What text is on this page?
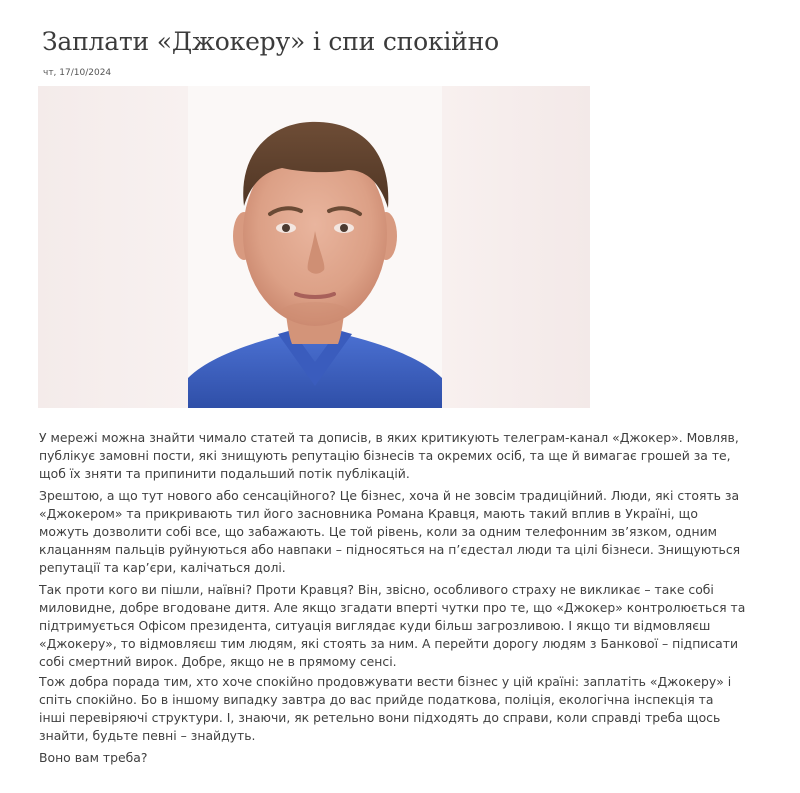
Заплати «Джокеру» і спи спокійно
чт, 17/10/2024

У мережі можна знайти чимало статей та дописів, в яких критикують телеграм-канал «Джокер». Мовляв,
публікує замовні пости, які знищують репутацію бізнесів та окремих осіб, та ще й вимагає грошей за те,
щоб їх зняти та припинити подальший потік публікацій.

Зрештою, а що тут нового або сенсаційного? Це бізнес, хоча й не зовсім традиційний. Люди, які стоять за
«Джокером» та прикривають тил його засновника Романа Кравця, мають такий вплив в Україні, що
можуть дозволити собі все, що забажають. Це той рівень, коли за одним телефонним зв’язком, одним
клацанням пальців руйнуються або навпаки – підносяться на п’єдестал люди та цілі бізнеси. Знищуються
репутації та кар’єри, калічаться долі.

Так проти кого ви пішли, наївні? Проти Кравця? Він, звісно, особливого страху не викликає – таке собі
миловидне, добре вгодоване дитя. Але якщо згадати вперті чутки про те, що «Джокер» контролюється та
підтримується Офісом президента, ситуація виглядає куди більш загрозливою. І якщо ти відмовляєш
«Джокеру», то відмовляєш тим людям, які стоять за ним. А перейти дорогу людям з Банкової – підписати
собі смертний вирок. Добре, якщо не в прямому сенсі.

Тож добра порада тим, хто хоче спокійно продовжувати вести бізнес у цій країні: заплатіть «Джокеру» і
спіть спокійно. Бо в іншому випадку завтра до вас прийде податкова, поліція, екологічна інспекція та
інші перевіряючі структури. І, знаючи, як ретельно вони підходять до справи, коли справді треба щось
знайти, будьте певні – знайдуть.

Воно вам треба?
